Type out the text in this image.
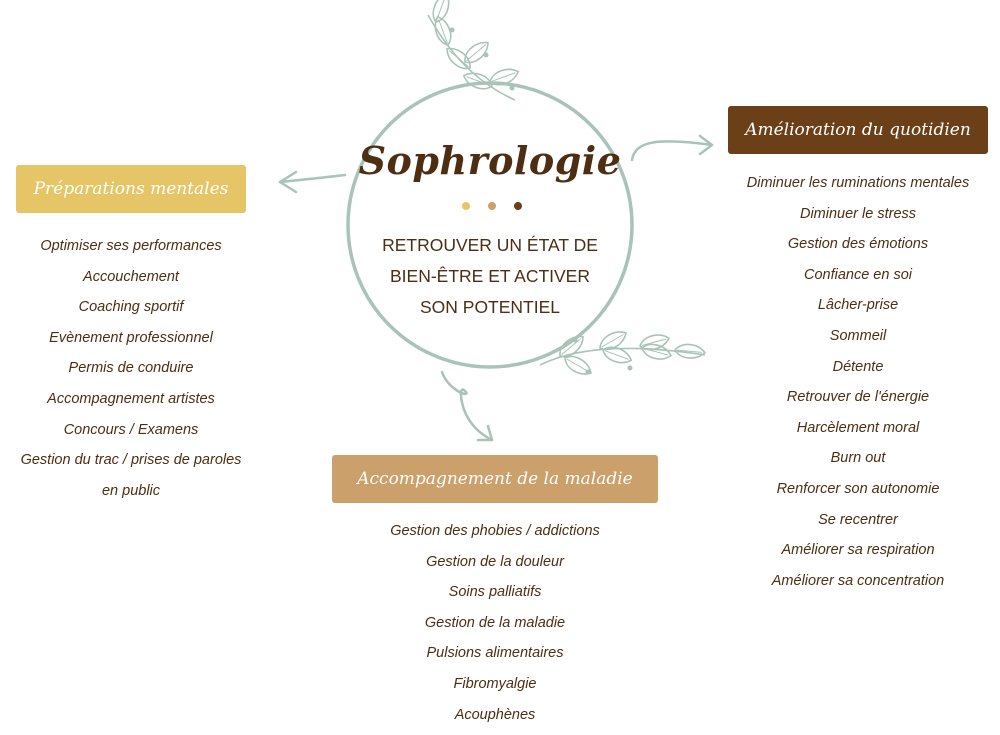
Sophrologie
RETROUVER UN ÉTAT DE
BIEN-ÊTRE ET ACTIVER
SON POTENTIEL
Préparations mentales
Amélioration du quotidien
Accompagnement de la maladie
Optimiser ses performances
Accouchement
Coaching sportif
Evènement professionnel
Permis de conduire
Accompagnement artistes
Concours / Examens
Gestion du trac / prises de paroles
en public
Diminuer les ruminations mentales
Diminuer le stress
Gestion des émotions
Confiance en soi
Lâcher-prise
Sommeil
Détente
Retrouver de l'énergie
Harcèlement moral
Burn out
Renforcer son autonomie
Se recentrer
Améliorer sa respiration
Améliorer sa concentration
Gestion des phobies / addictions
Gestion de la douleur
Soins palliatifs
Gestion de la maladie
Pulsions alimentaires
Fibromyalgie
Acouphènes
